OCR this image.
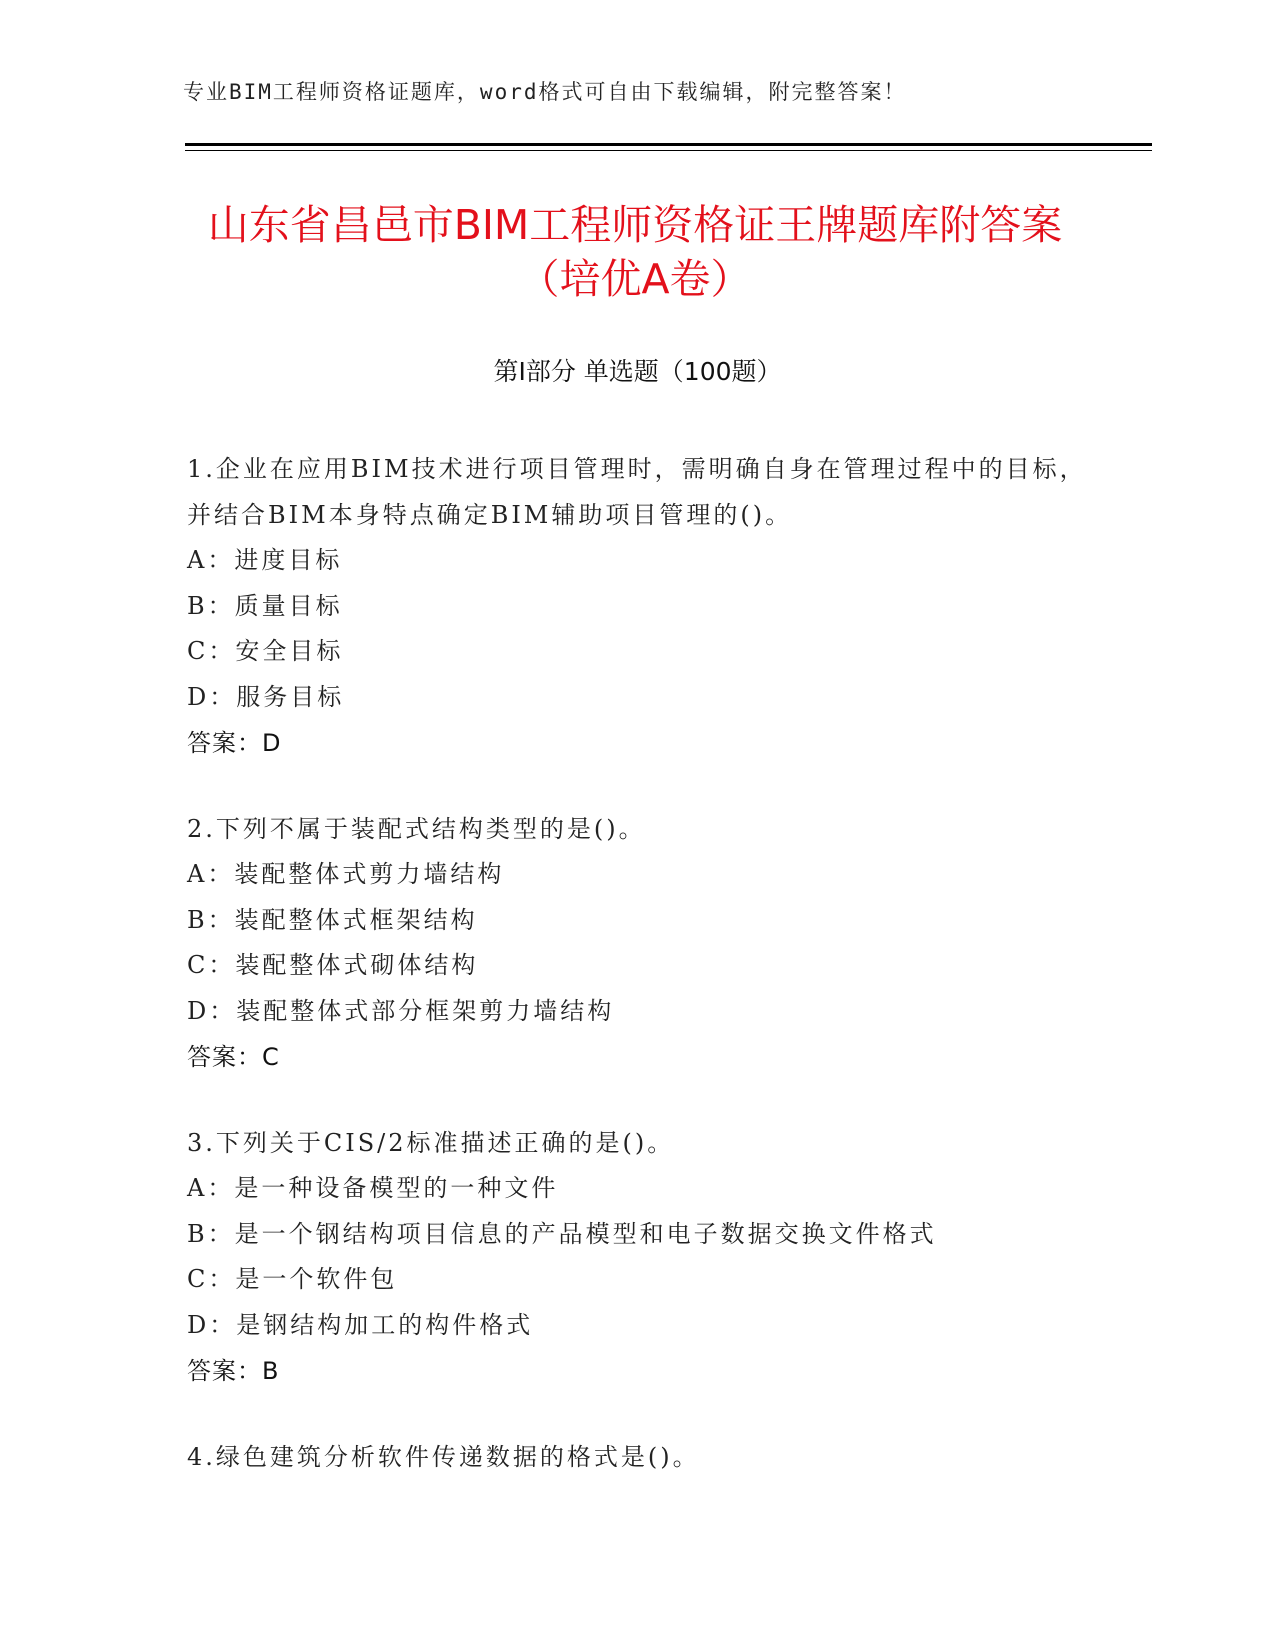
专业BIM工程师资格证题库，word格式可自由下载编辑，附完整答案！
山东省昌邑市BIM工程师资格证王牌题库附答案（培优A卷）
第Ⅰ部分 单选题（100题）

1.企业在应用BIM技术进行项目管理时，需明确自身在管理过程中的目标，并结合BIM本身特点确定BIM辅助项目管理的()。

A：进度目标

B：质量目标

C：安全目标

D：服务目标

答案：D

2.下列不属于装配式结构类型的是()。

A：装配整体式剪力墙结构

B：装配整体式框架结构

C：装配整体式砌体结构

D：装配整体式部分框架剪力墙结构

答案：C

3.下列关于CIS/2标准描述正确的是()。

A：是一种设备模型的一种文件

B：是一个钢结构项目信息的产品模型和电子数据交换文件格式

C：是一个软件包

D：是钢结构加工的构件格式

答案：B

4.绿色建筑分析软件传递数据的格式是()。
